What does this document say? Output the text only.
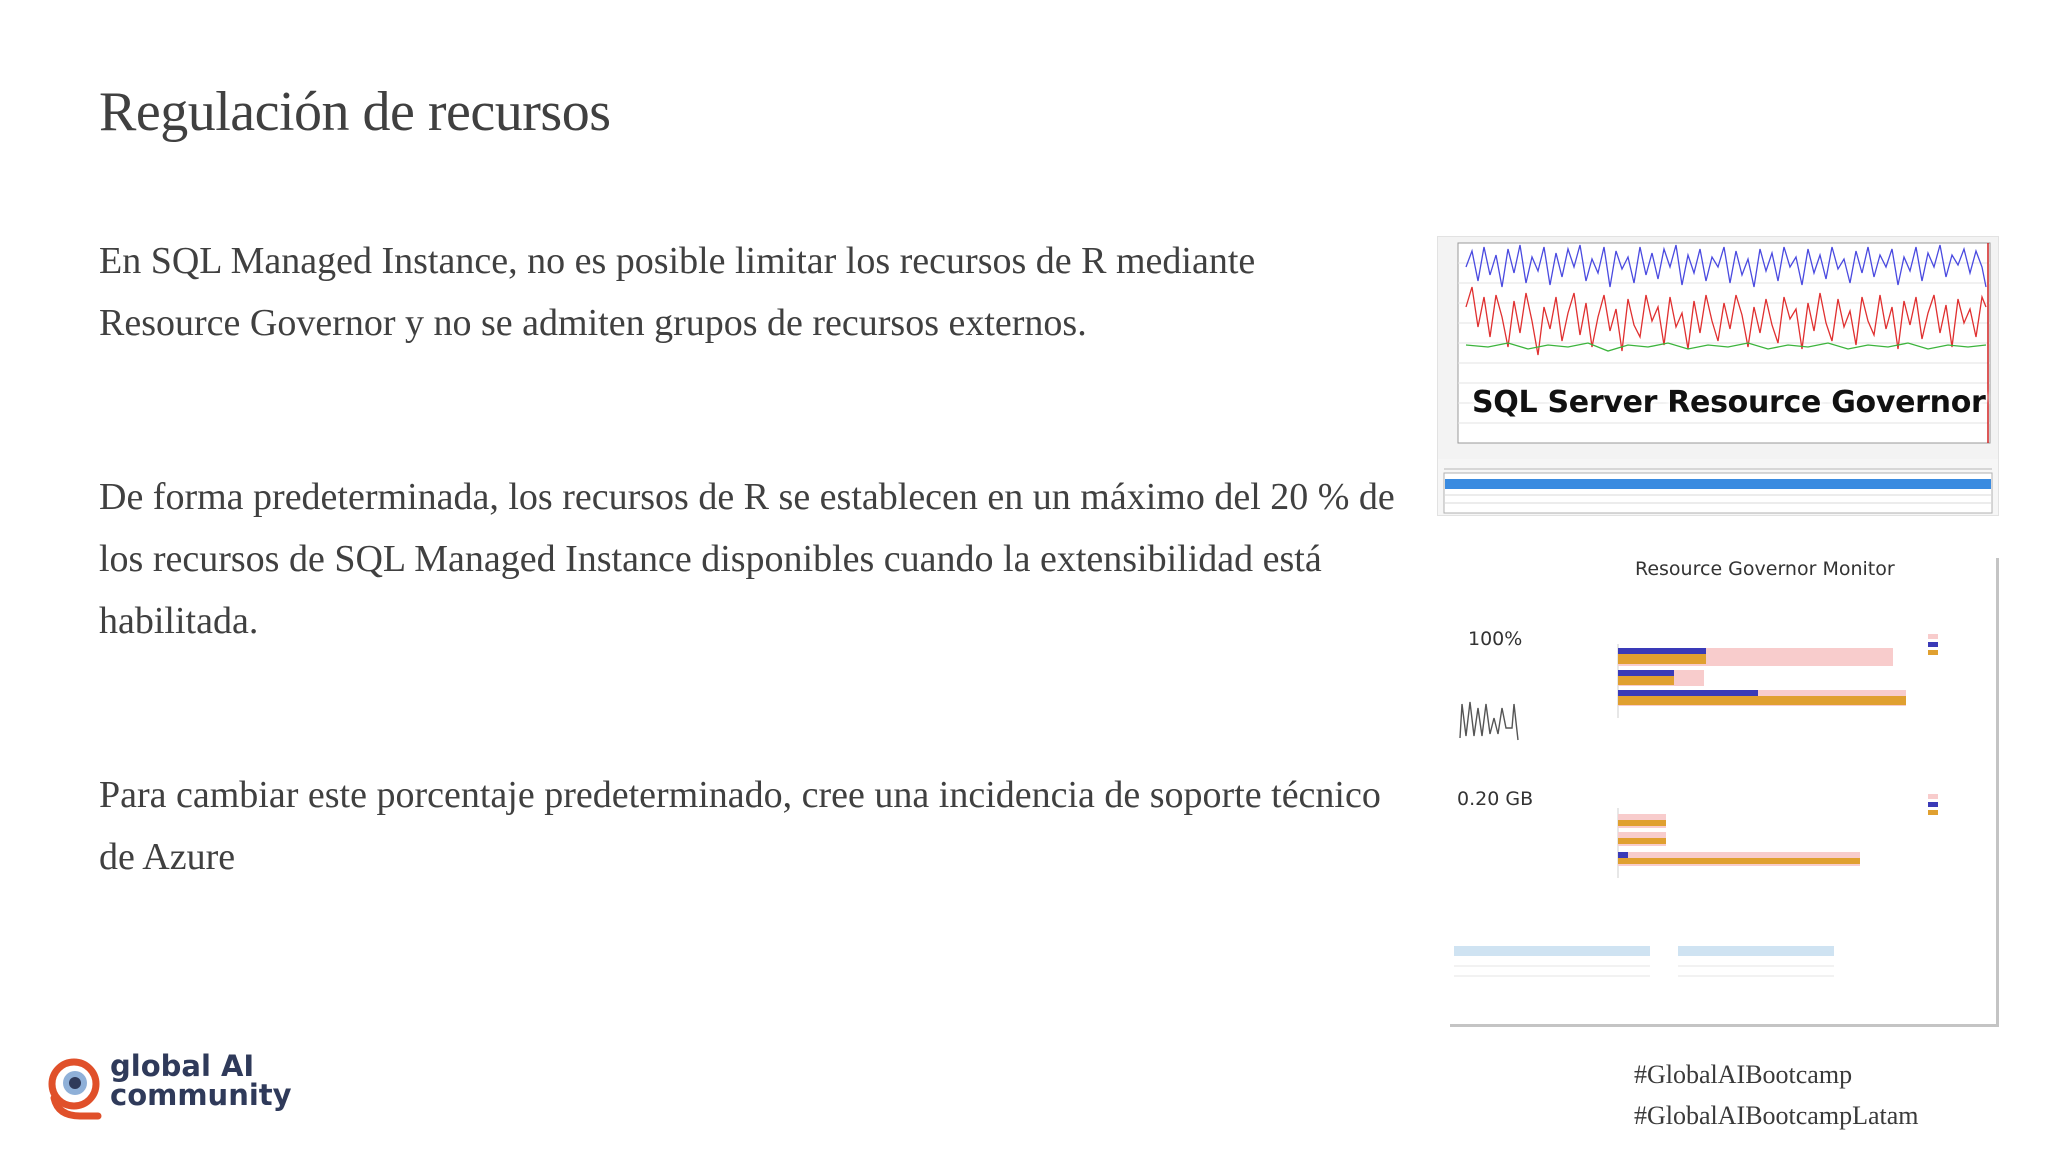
Regulación de recursos

En SQL Managed Instance, no es posible limitar los recursos de R mediante Resource Governor y no se admiten grupos de recursos externos.

De forma predeterminada, los recursos de R se establecen en un máximo del 20 % de los recursos de SQL Managed Instance disponibles cuando la extensibilidad está habilitada.

Para cambiar este porcentaje predeterminado, cree una incidencia de soporte técnico de Azure

SQL Server Resource Governor
Resource Governor Monitor
100%
0.20 GB
global AI
community
#GlobalAIBootcamp
#GlobalAIBootcampLatam
